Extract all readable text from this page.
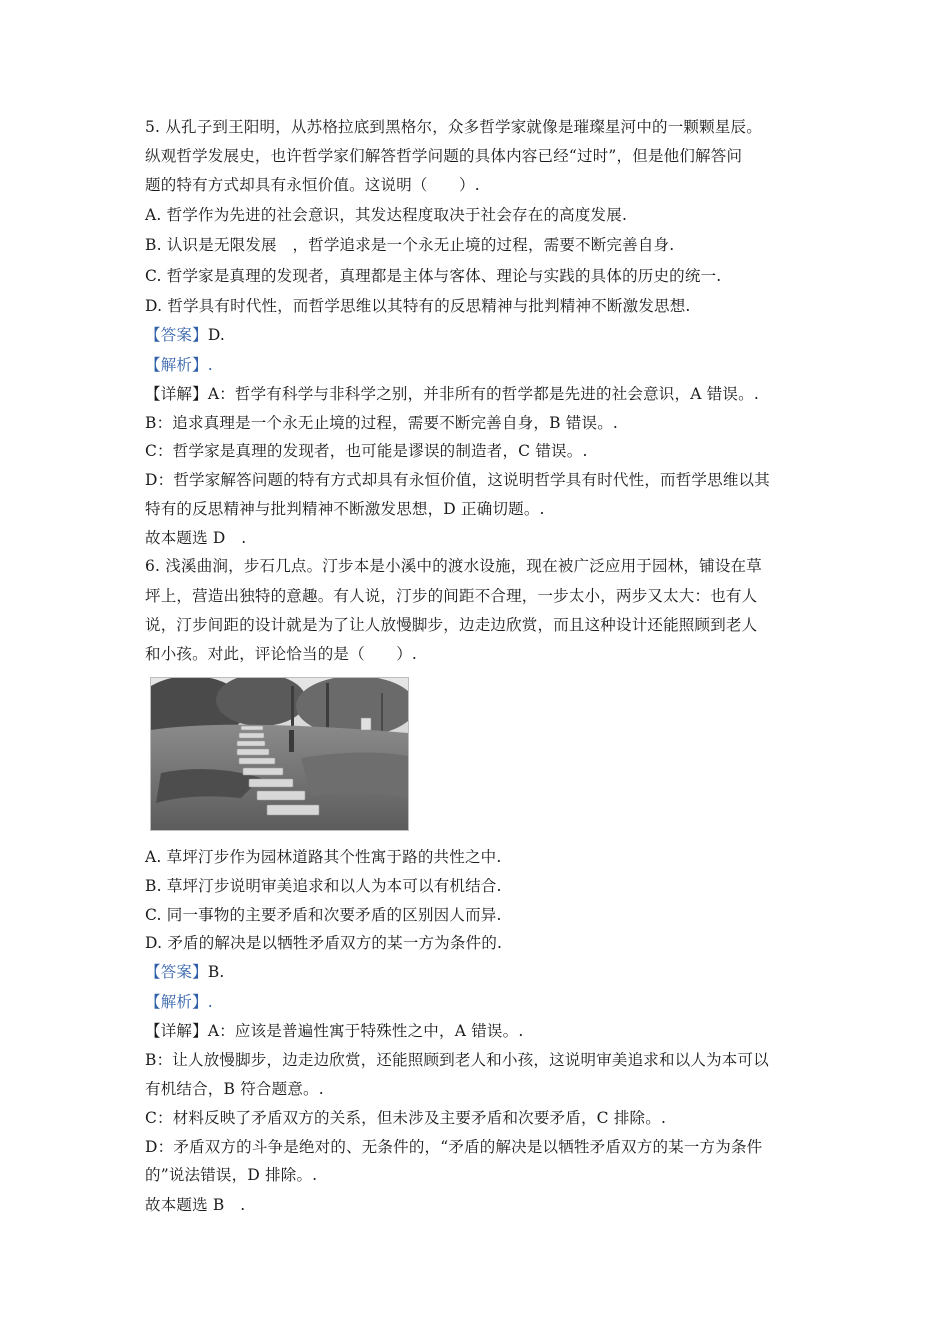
5. 从孔子到王阳明，从苏格拉底到黑格尔，众多哲学家就像是璀璨星河中的一颗颗星辰。
纵观哲学发展史，也许哲学家们解答哲学问题的具体内容已经“过时”，但是他们解答问
题的特有方式却具有永恒价值。这说明（　　）.
A. 哲学作为先进的社会意识，其发达程度取决于社会存在的高度发展.
B. 认识是无限发展　，哲学追求是一个永无止境的过程，需要不断完善自身.
C. 哲学家是真理的发现者，真理都是主体与客体、理论与实践的具体的历史的统一.
D. 哲学具有时代性，而哲学思维以其特有的反思精神与批判精神不断激发思想.
【答案】D.
【解析】.
【详解】A：哲学有科学与非科学之别，并非所有的哲学都是先进的社会意识，A 错误。.
B：追求真理是一个永无止境的过程，需要不断完善自身，B 错误。.
C：哲学家是真理的发现者，也可能是谬误的制造者，C 错误。.
D：哲学家解答问题的特有方式却具有永恒价值，这说明哲学具有时代性，而哲学思维以其
特有的反思精神与批判精神不断激发思想，D 正确切题。.
故本题选 D　.
6. 浅溪曲涧，步石几点。汀步本是小溪中的渡水设施，现在被广泛应用于园林，铺设在草
坪上，营造出独特的意趣。有人说，汀步的间距不合理，一步太小，两步又太大：也有人
说，汀步间距的设计就是为了让人放慢脚步，边走边欣赏，而且这种设计还能照顾到老人
和小孩。对此，评论恰当的是（　　）.
A. 草坪汀步作为园林道路其个性寓于路的共性之中.
B. 草坪汀步说明审美追求和以人为本可以有机结合.
C. 同一事物的主要矛盾和次要矛盾的区别因人而异.
D. 矛盾的解决是以牺牲矛盾双方的某一方为条件的.
【答案】B.
【解析】.
【详解】A：应该是普遍性寓于特殊性之中，A 错误。.
B：让人放慢脚步，边走边欣赏，还能照顾到老人和小孩，这说明审美追求和以人为本可以
有机结合，B 符合题意。.
C：材料反映了矛盾双方的关系，但未涉及主要矛盾和次要矛盾，C 排除。.
D：矛盾双方的斗争是绝对的、无条件的，“矛盾的解决是以牺牲矛盾双方的某一方为条件
的”说法错误，D 排除。.
故本题选 B　.
